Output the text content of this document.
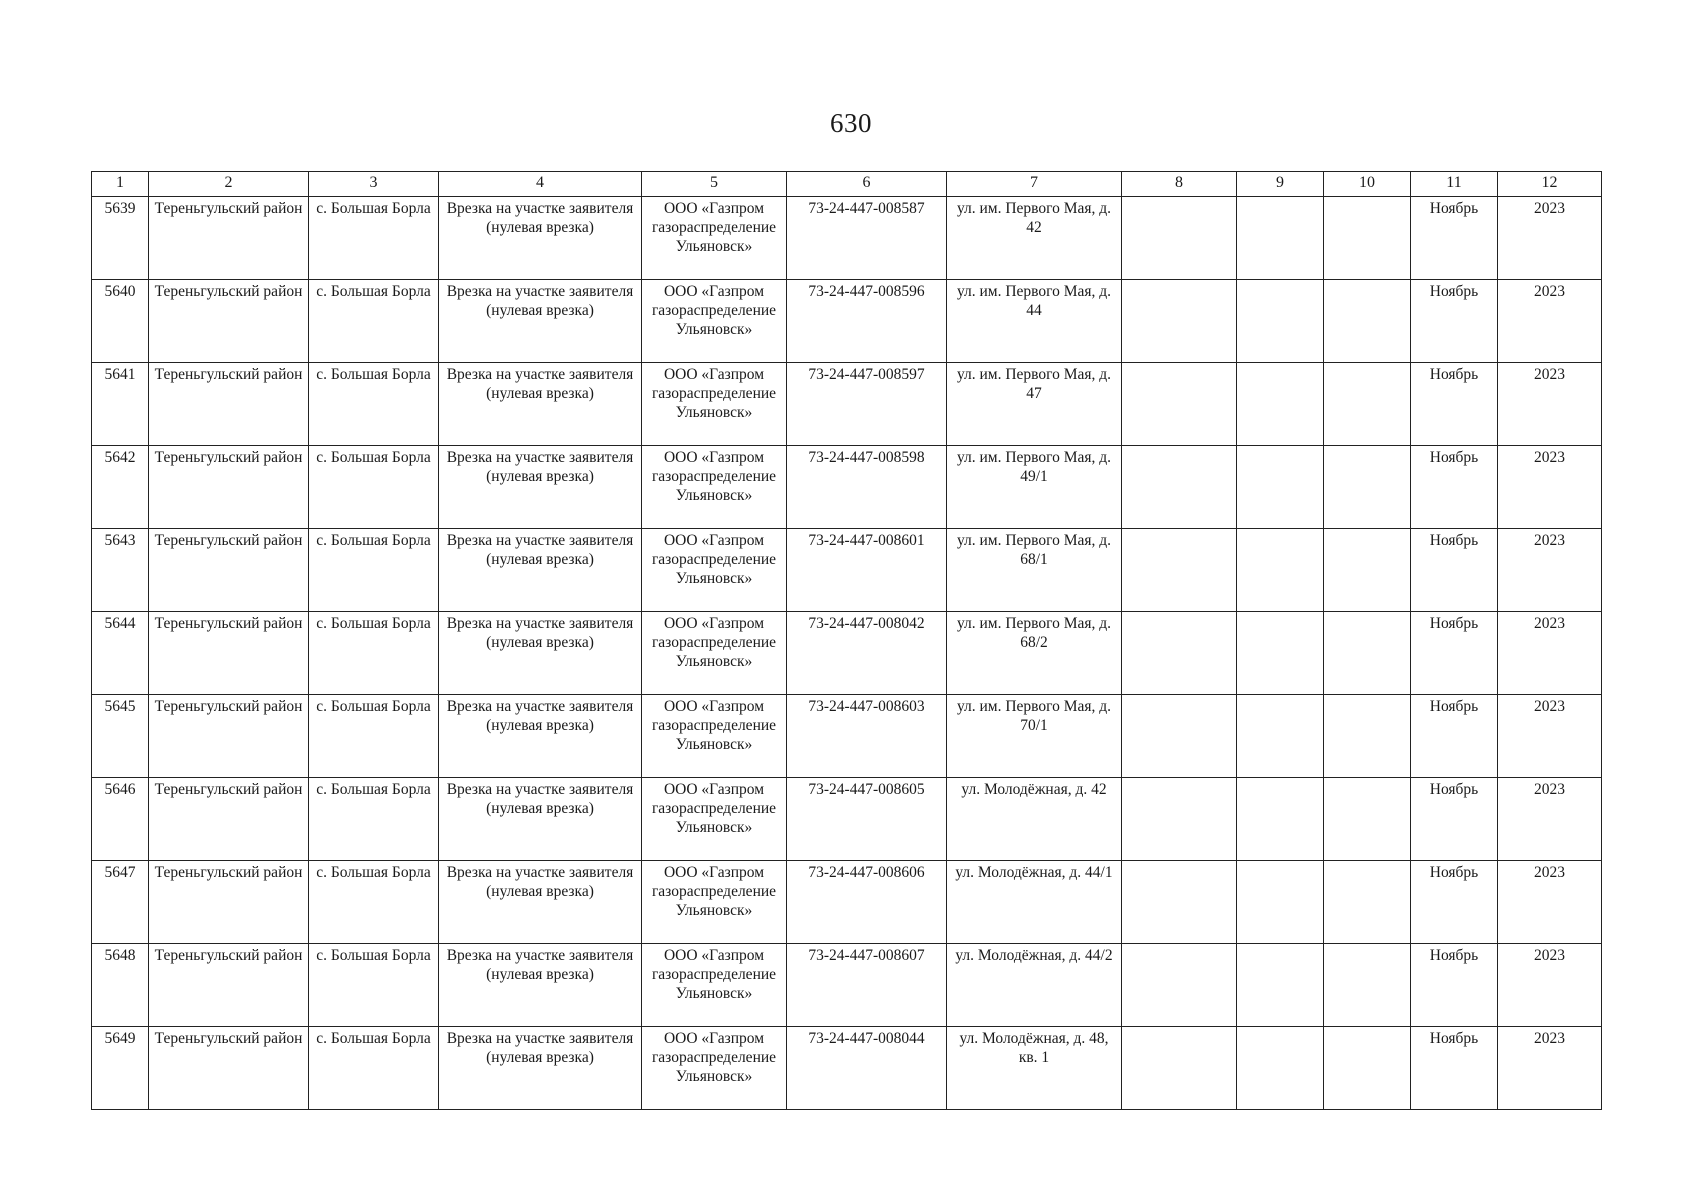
630
1	2	3	4	5	6	7	8	9	10	11	12
5639	Тереньгульский район	с. Большая Борла	Врезка на участке заявителя (нулевая врезка)	ООО «Газпром газораспределение Ульяновск»	73-24-447-008587	ул. им. Первого Мая, д. 42				Ноябрь	2023
5640	Тереньгульский район	с. Большая Борла	Врезка на участке заявителя (нулевая врезка)	ООО «Газпром газораспределение Ульяновск»	73-24-447-008596	ул. им. Первого Мая, д. 44				Ноябрь	2023
5641	Тереньгульский район	с. Большая Борла	Врезка на участке заявителя (нулевая врезка)	ООО «Газпром газораспределение Ульяновск»	73-24-447-008597	ул. им. Первого Мая, д. 47				Ноябрь	2023
5642	Тереньгульский район	с. Большая Борла	Врезка на участке заявителя (нулевая врезка)	ООО «Газпром газораспределение Ульяновск»	73-24-447-008598	ул. им. Первого Мая, д. 49/1				Ноябрь	2023
5643	Тереньгульский район	с. Большая Борла	Врезка на участке заявителя (нулевая врезка)	ООО «Газпром газораспределение Ульяновск»	73-24-447-008601	ул. им. Первого Мая, д. 68/1				Ноябрь	2023
5644	Тереньгульский район	с. Большая Борла	Врезка на участке заявителя (нулевая врезка)	ООО «Газпром газораспределение Ульяновск»	73-24-447-008042	ул. им. Первого Мая, д. 68/2				Ноябрь	2023
5645	Тереньгульский район	с. Большая Борла	Врезка на участке заявителя (нулевая врезка)	ООО «Газпром газораспределение Ульяновск»	73-24-447-008603	ул. им. Первого Мая, д. 70/1				Ноябрь	2023
5646	Тереньгульский район	с. Большая Борла	Врезка на участке заявителя (нулевая врезка)	ООО «Газпром газораспределение Ульяновск»	73-24-447-008605	ул. Молодёжная, д. 42				Ноябрь	2023
5647	Тереньгульский район	с. Большая Борла	Врезка на участке заявителя (нулевая врезка)	ООО «Газпром газораспределение Ульяновск»	73-24-447-008606	ул. Молодёжная, д. 44/1				Ноябрь	2023
5648	Тереньгульский район	с. Большая Борла	Врезка на участке заявителя (нулевая врезка)	ООО «Газпром газораспределение Ульяновск»	73-24-447-008607	ул. Молодёжная, д. 44/2				Ноябрь	2023
5649	Тереньгульский район	с. Большая Борла	Врезка на участке заявителя (нулевая врезка)	ООО «Газпром газораспределение Ульяновск»	73-24-447-008044	ул. Молодёжная, д. 48, кв. 1				Ноябрь	2023
